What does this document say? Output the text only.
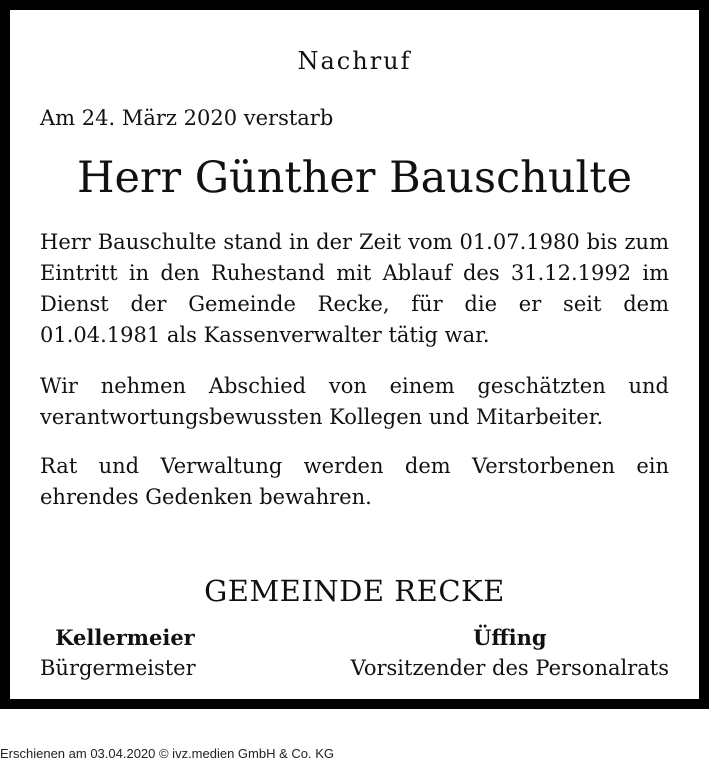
Nachruf
Am 24. März 2020 verstarb
Herr Günther Bauschulte

Herr Bauschulte stand in der Zeit vom 01.07.1980 bis zum Eintritt in den Ruhestand mit Ablauf des 31.12.1992 im Dienst der Gemeinde Recke, für die er seit dem 01.04.1981 als Kassenverwalter tätig war.

Wir nehmen Abschied von einem geschätzten und verantwortungsbewussten Kollegen und Mitarbeiter.

Rat und Verwaltung werden dem Verstorbenen ein ehrendes Gedenken bewahren.

GEMEINDE RECKE
Kellermeier
Bürgermeister
Üffing
Vorsitzender des Personalrats
Erschienen am 03.04.2020 © ivz.medien GmbH & Co. KG
